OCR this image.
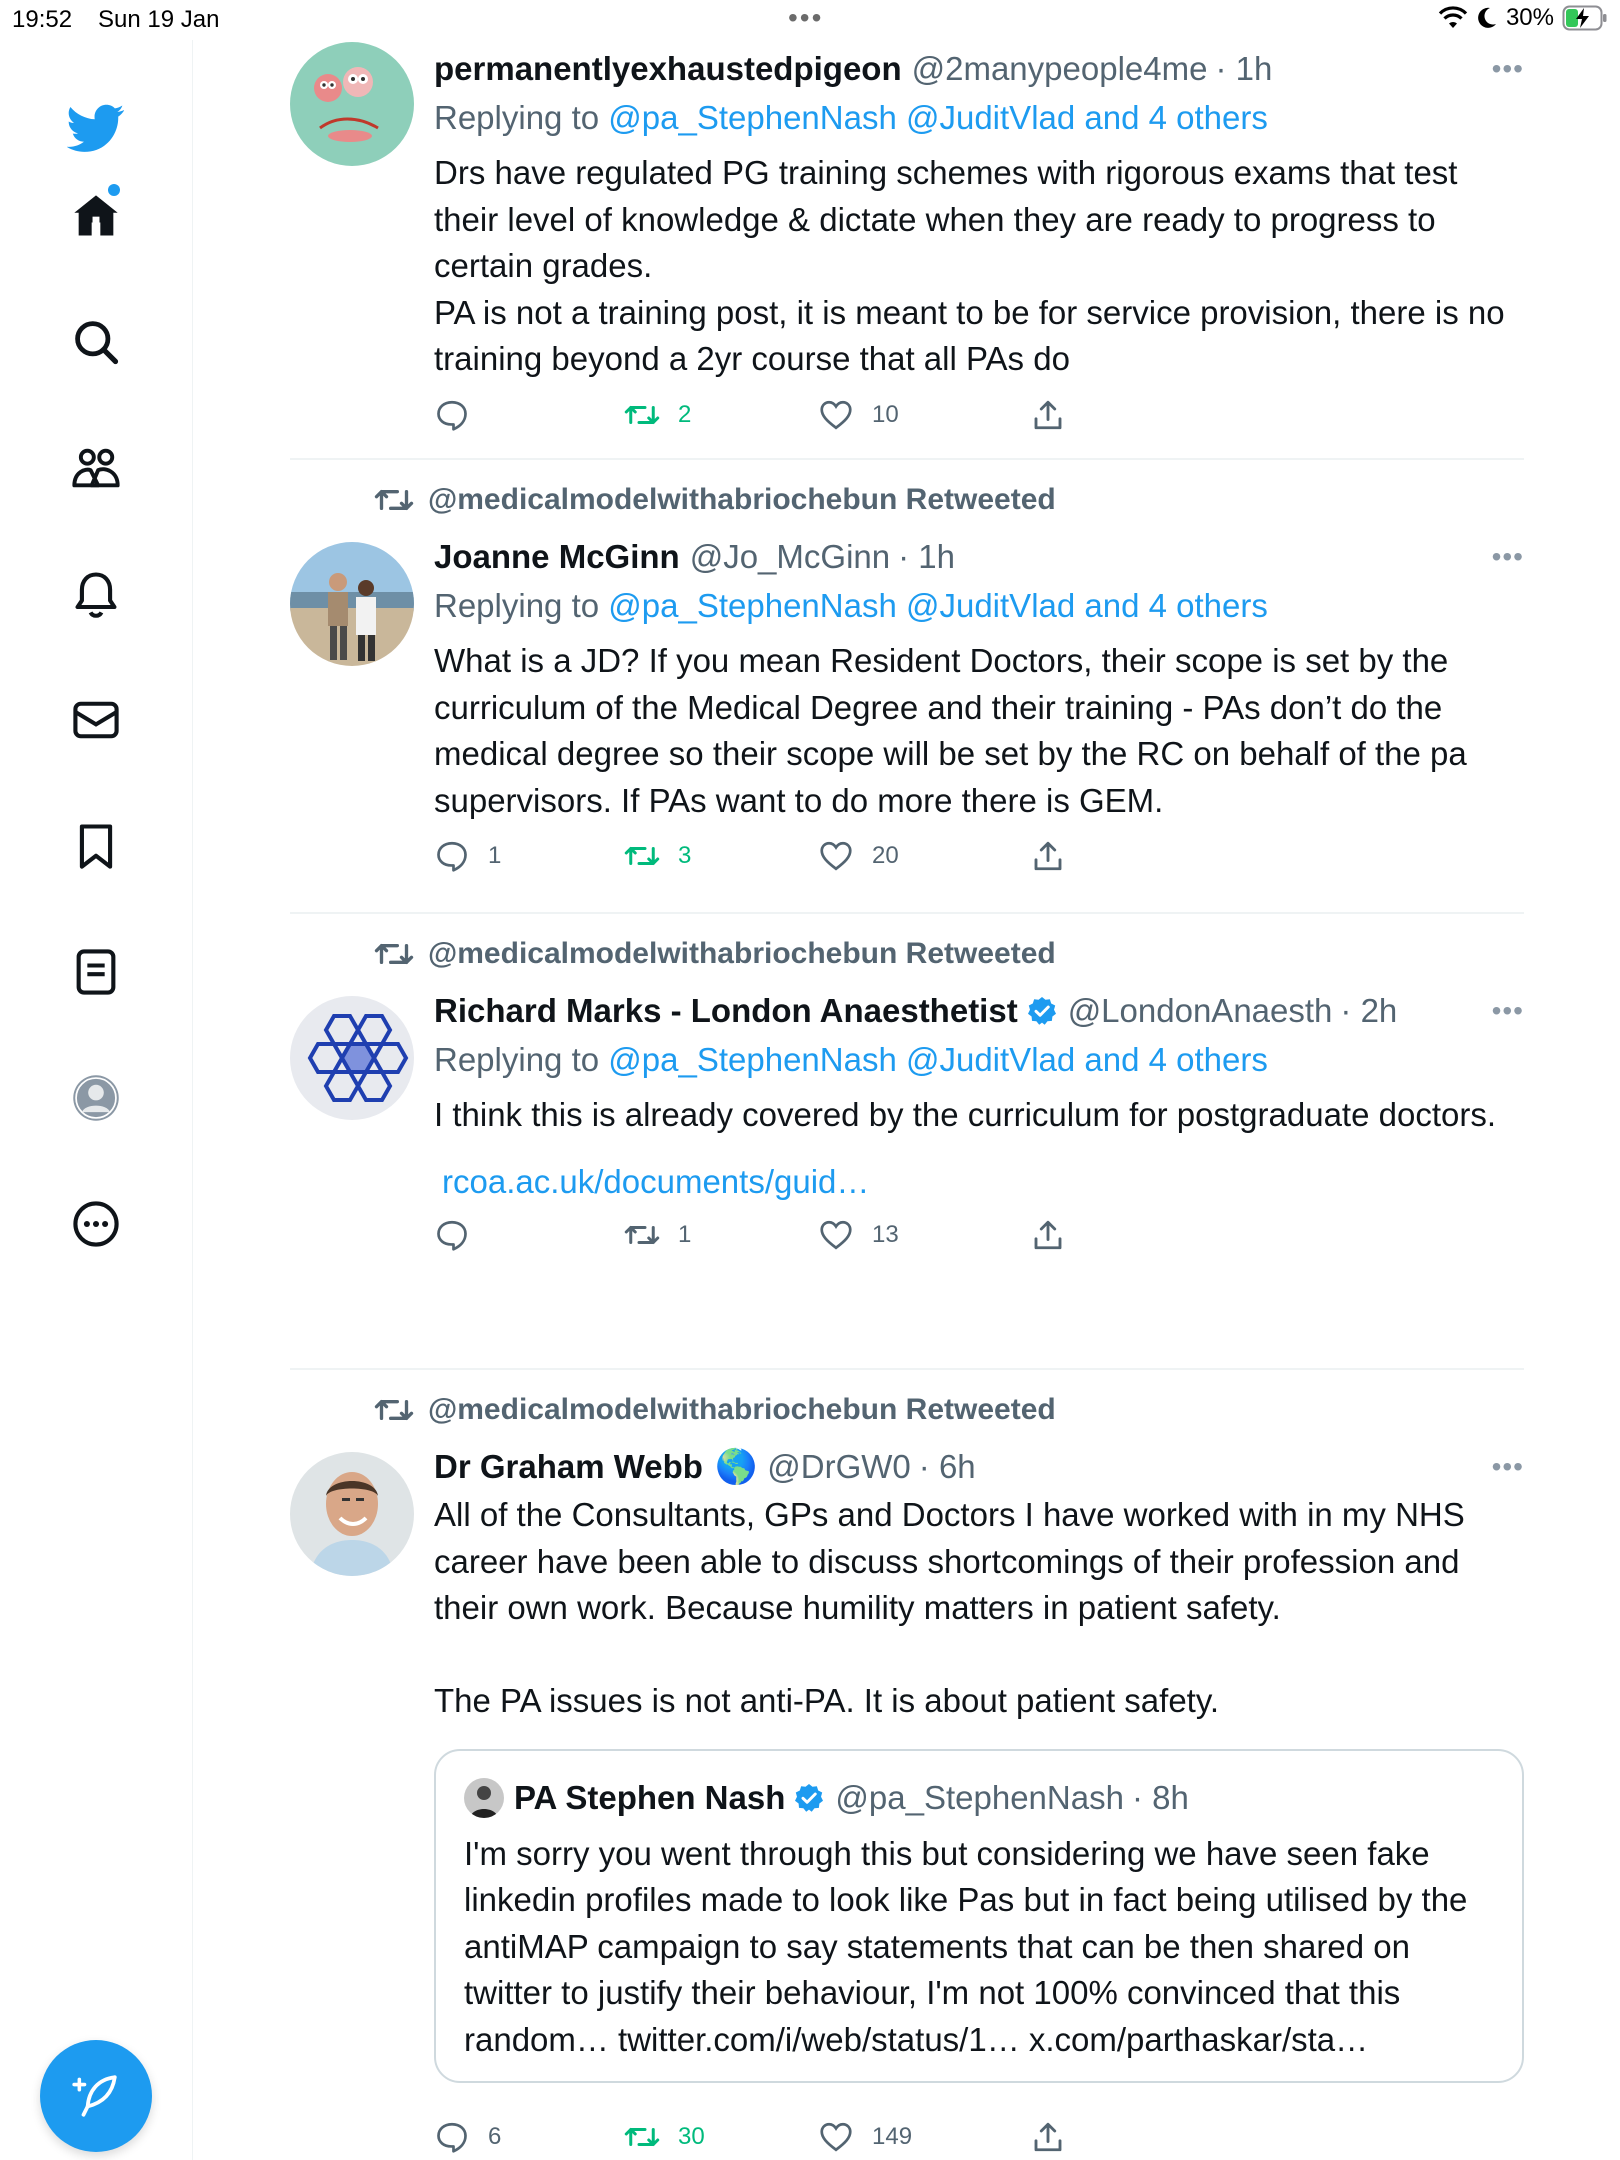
19:52 Sun 19 Jan	•••	30%
permanentlyexhaustedpigeon @2manypeople4me · 1h	•••
Replying to @pa_StephenNash @JuditVlad and 4 others
Drs have regulated PG training schemes with rigorous exams that test their level of knowledge & dictate when they are ready to progress to certain grades.
PA is not a training post, it is meant to be for service provision, there is no training beyond a 2yr course that all PAs do
2	10
@medicalmodelwithabriochebun Retweeted
Joanne McGinn @Jo_McGinn · 1h	•••
Replying to @pa_StephenNash @JuditVlad and 4 others
What is a JD? If you mean Resident Doctors, their scope is set by the curriculum of the Medical Degree and their training - PAs don’t do the medical degree so their scope will be set by the RC on behalf of the pa supervisors. If PAs want to do more there is GEM.
1	3	20
@medicalmodelwithabriochebun Retweeted
Richard Marks - London Anaesthetist @LondonAnaesth · 2h	•••
Replying to @pa_StephenNash @JuditVlad and 4 others
I think this is already covered by the curriculum for postgraduate doctors.
rcoa.ac.uk/documents/guid…
1	13
@medicalmodelwithabriochebun Retweeted
Dr Graham Webb 🌎 @DrGW0 · 6h	•••
All of the Consultants, GPs and Doctors I have worked with in my NHS career have been able to discuss shortcomings of their profession and their own work. Because humility matters in patient safety.

The PA issues is not anti-PA. It is about patient safety.
PA Stephen Nash @pa_StephenNash · 8h
I'm sorry you went through this but considering we have seen fake linkedin profiles made to look like Pas but in fact being utilised by the antiMAP campaign to say statements that can be then shared on twitter to justify their behaviour, I'm not 100% convinced that this random… twitter.com/i/web/status/1… x.com/parthaskar/sta…
6	30	149
